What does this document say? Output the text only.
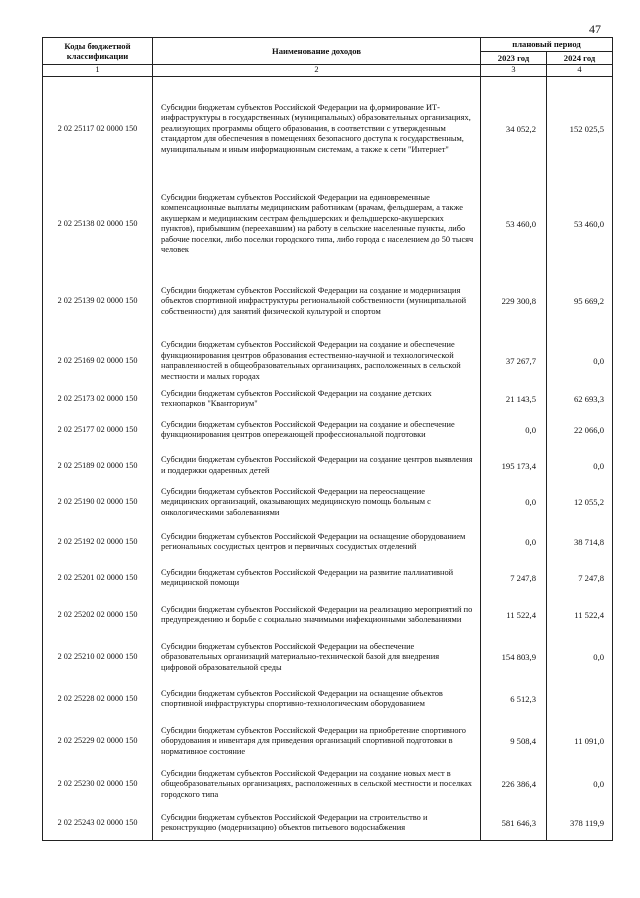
47
Коды бюджетной классификации	Наименование доходов	плановый период	
		2023 год	2024 год
1	2	3	4
2 02 25117 02 0000 150	Субсидии бюджетам субъектов Российской Федерации на ф,ормирование ИТ-инфраструктуры в государственных (муниципальных) образовательных организациях, реализующих программы общего образования, в соответствии с утвержденным стандартом для обеспечения в помещениях безопасного доступа к государственным, муниципальным и иным информационным системам, а также к сети "Интернет"	34 052,2	152 025,5
2 02 25138 02 0000 150	Субсидии бюджетам субъектов Российской Федерации на единовременные компенсационные выплаты медицинским работникам (врачам, фельдшерам, а также акушеркам и медицинским сестрам фельдшерских и фельдшерско-акушерских пунктов), прибывшим (переехавшим) на работу в сельские населенные пункты, либо рабочие поселки, либо поселки городского типа, либо города с населением до 50 тысяч человек	53 460,0	53 460,0
2 02 25139 02 0000 150	Субсидии бюджетам субъектов Российской Федерации на создание и модернизация объектов спортивной инфраструктуры региональной собственности (муниципальной собственности) для занятий физической культурой и спортом	229 300,8	95 669,2
2 02 25169 02 0000 150	Субсидии бюджетам субъектов Российской Федерации на создание и обеспечение функционирования центров образования естественно-научной и технологической направленностей в общеобразовательных организациях, расположенных в сельской местности и малых городах	37 267,7	0,0
2 02 25173 02 0000 150	Субсидии бюджетам субъектов Российской Федерации на создание детских технопарков "Кванториум"	21 143,5	62 693,3
2 02 25177 02 0000 150	Субсидии бюджетам субъектов Российской Федерации на создание и обеспечение функционирования центров опережающей профессиональной подготовки	0,0	22 066,0
2 02 25189 02 0000 150	Субсидии бюджетам субъектов Российской Федерации на создание центров выявления и поддержки одаренных детей	195 173,4	0,0
2 02 25190 02 0000 150	Субсидии бюджетам субъектов Российской Федерации на переоснащение медицинских организаций, оказывающих медицинскую помощь больным с онкологическими заболеваниями	0,0	12 055,2
2 02 25192 02 0000 150	Субсидии бюджетам субъектов Российской Федерации на оснащение оборудованием региональных сосудистых центров и первичных сосудистых отделений	0,0	38 714,8
2 02 25201 02 0000 150	Субсидии бюджетам субъектов Российской Федерации на развитие паллиативной медицинской помощи	7 247,8	7 247,8
2 02 25202 02 0000 150	Субсидии бюджетам субъектов Российской Федерации на реализацию мероприятий по предупреждению и борьбе с социально значимыми инфекционными заболеваниями	11 522,4	11 522,4
2 02 25210 02 0000 150	Субсидии бюджетам субъектов Российской Федерации на обеспечение образовательных организаций материально-технической базой для внедрения цифровой образовательной среды	154 803,9	0,0
2 02 25228 02 0000 150	Субсидии бюджетам субъектов Российской Федерации на оснащение объектов спортивной инфраструктуры спортивно-технологическим оборудованием	6 512,3	
2 02 25229 02 0000 150	Субсидии бюджетам субъектов Российской Федерации на приобретение спортивного оборудования и инвентаря для приведения организаций спортивной подготовки в нормативное состояние	9 508,4	11 091,0
2 02 25230 02 0000 150	Субсидии бюджетам субъектов Российской Федерации на создание новых мест в общеобразовательных организациях, расположенных в сельской местности и поселках городского типа	226 386,4	0,0
2 02 25243 02 0000 150	Субсидии бюджетам субъектов Российской Федерации на строительство и реконструкцию (модернизацию) объектов питьевого водоснабжения	581 646,3	378 119,9
